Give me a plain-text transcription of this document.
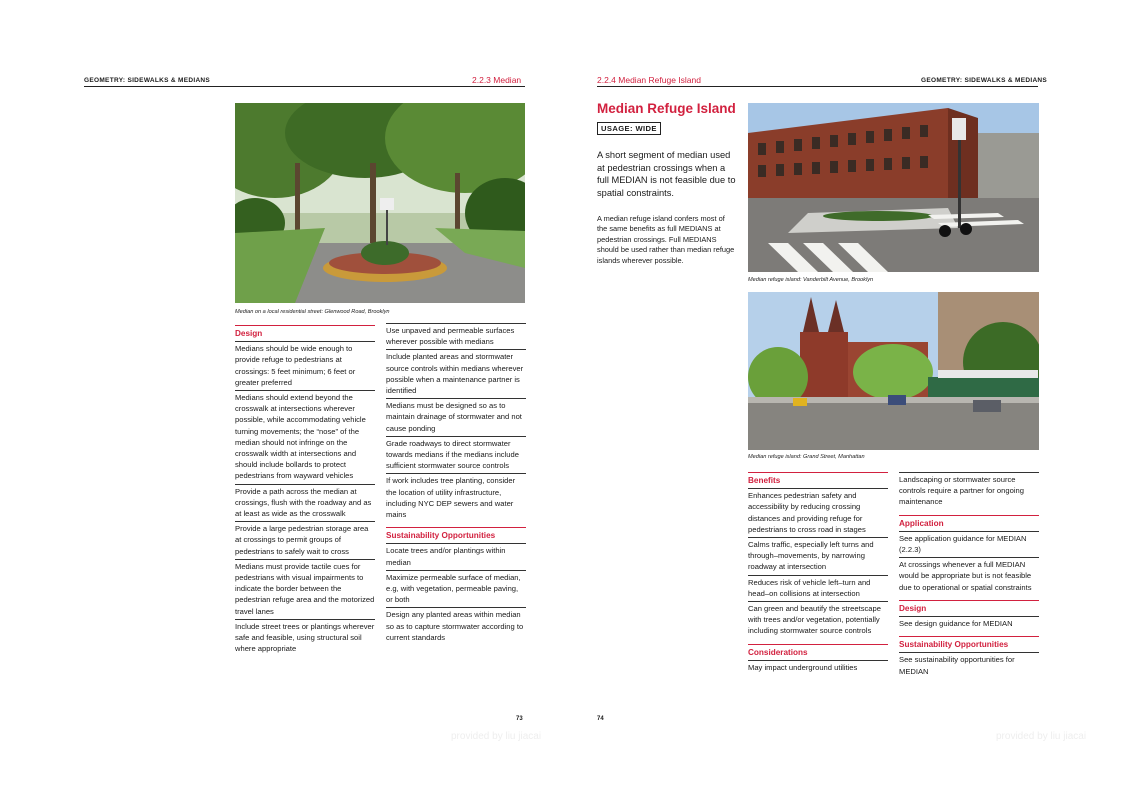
GEOMETRY: SIDEWALKS & MEDIANS	2.2.3 Median
Median on a local residential street: Glenwood Road, Brooklyn
Design
Medians should be wide enough to provide refuge to pedestrians at crossings: 5 feet minimum; 6 feet or greater preferred
Medians should extend beyond the crosswalk at intersections wherever possible, while accommodating vehicle turning movements; the “nose” of the median should not infringe on the crosswalk width at intersections and should include bollards to protect pedestrians from wayward vehicles
Provide a path across the median at crossings, flush with the roadway and as at least as wide as the crosswalk
Provide a large pedestrian storage area at crossings to permit groups of pedestrians to safely wait to cross
Medians must provide tactile cues for pedestrians with visual impairments to indicate the border between the pedestrian refuge area and the motorized travel lanes
Include street trees or plantings wherever safe and feasible, using structural soil where appropriate
Use unpaved and permeable surfaces wherever possible with medians
Include planted areas and stormwater source controls within medians wherever possible when a maintenance partner is identified
Medians must be designed so as to maintain drainage of stormwater and not cause ponding
Grade roadways to direct stormwater towards medians if the medians include sufficient stormwater source controls
If work includes tree planting, consider the location of utility infrastructure, including NYC DEP sewers and water mains
Sustainability Opportunities
Locate trees and/or plantings within median
Maximize permeable surface of median, e.g, with vegetation, permeable paving, or both
Design any planted areas within median so as to capture stormwater according to current standards
73
provided by liu jiacai
2.2.4 Median Refuge Island	GEOMETRY: SIDEWALKS & MEDIANS
Median Refuge Island
USAGE: WIDE
A short segment of median used at pedestrian crossings when a full MEDIAN is not feasible due to spatial constraints.
A median refuge island confers most of the same benefits as full MEDIANS at pedestrian crossings. Full MEDIANS should be used rather than median refuge islands wherever possible.
Median refuge island: Vanderbilt Avenue, Brooklyn
Median refuge island: Grand Street, Manhattan
Benefits
Enhances pedestrian safety and accessibility by reducing crossing distances and providing refuge for pedestrians to cross road in stages
Calms traffic, especially left turns and through–movements, by narrowing roadway at intersection
Reduces risk of vehicle left–turn and head–on collisions at intersection
Can green and beautify the streetscape with trees and/or vegetation, potentially including stormwater source controls
Considerations
May impact underground utilities
Landscaping or stormwater source controls require a partner for ongoing maintenance
Application
See application guidance for MEDIAN (2.2.3)
At crossings whenever a full MEDIAN would be appropriate but is not feasible due to operational or spatial constraints
Design
See design guidance for MEDIAN
Sustainability Opportunities
See sustainability opportunities for MEDIAN
74
provided by liu jiacai
